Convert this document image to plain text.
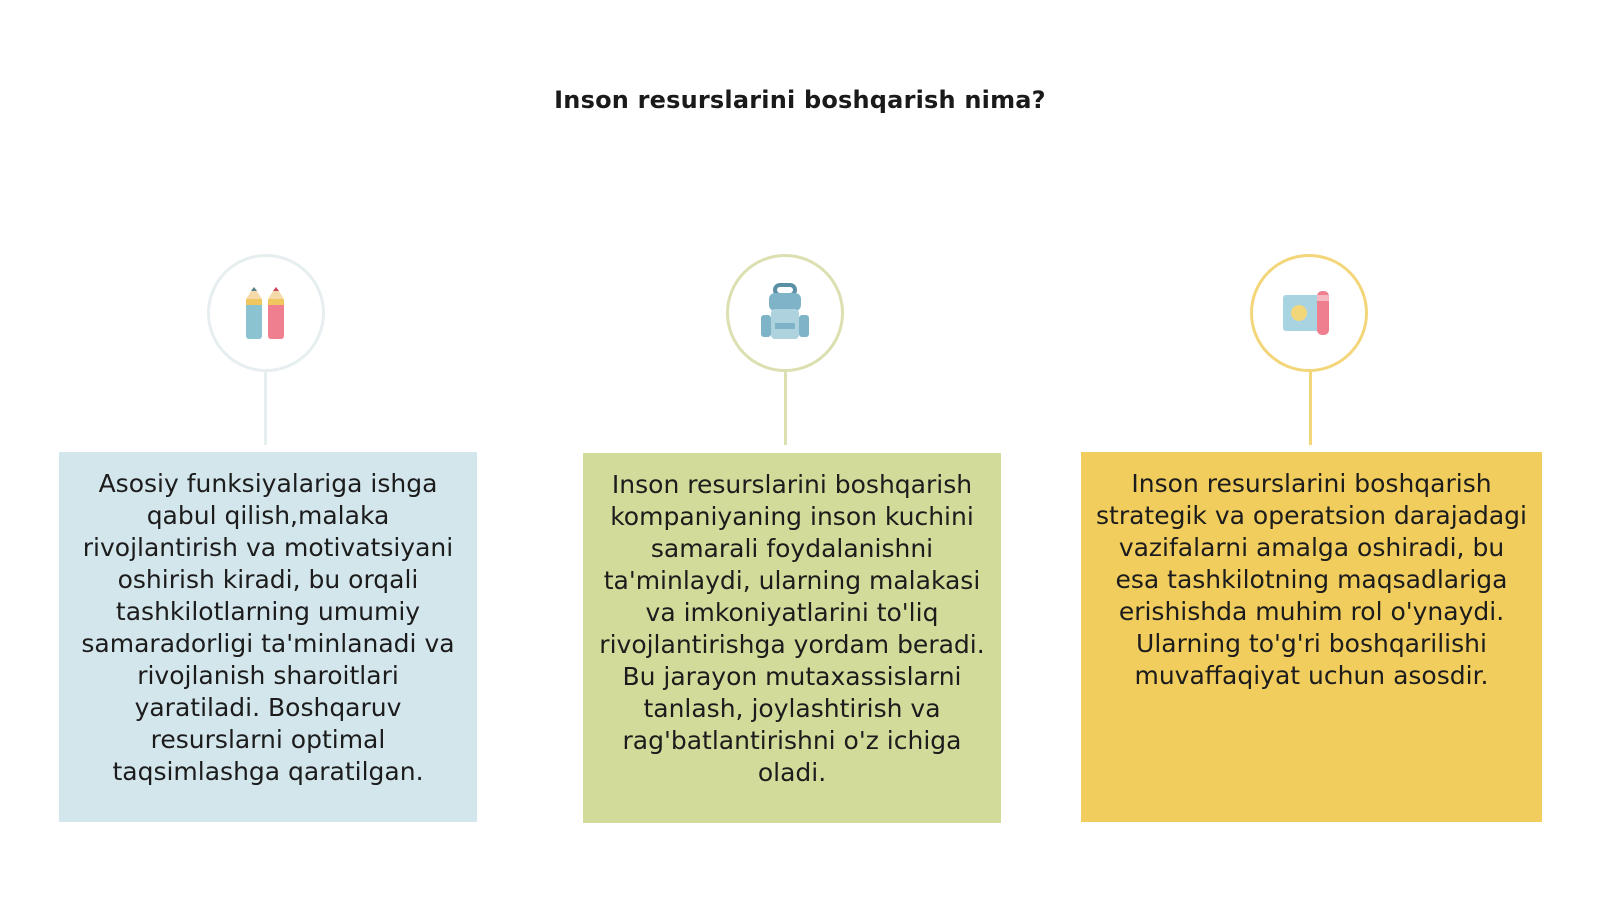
Inson resurslarini boshqarish nima?
Asosiy funksiyalariga ishga qabul qilish,malaka rivojlantirish va motivatsiyani oshirish kiradi, bu orqali tashkilotlarning umumiy samaradorligi ta'minlanadi va rivojlanish sharoitlari yaratiladi. Boshqaruv resurslarni optimal taqsimlashga qaratilgan.
Inson resurslarini boshqarish kompaniyaning inson kuchini samarali foydalanishni ta'minlaydi, ularning malakasi va imkoniyatlarini to'liq rivojlantirishga yordam beradi. Bu jarayon mutaxassislarni tanlash, joylashtirish va rag'batlantirishni o'z ichiga oladi.
Inson resurslarini boshqarish strategik va operatsion darajadagi vazifalarni amalga oshiradi, bu esa tashkilotning maqsadlariga erishishda muhim rol o'ynaydi. Ularning to'g'ri boshqarilishi muvaffaqiyat uchun asosdir.
